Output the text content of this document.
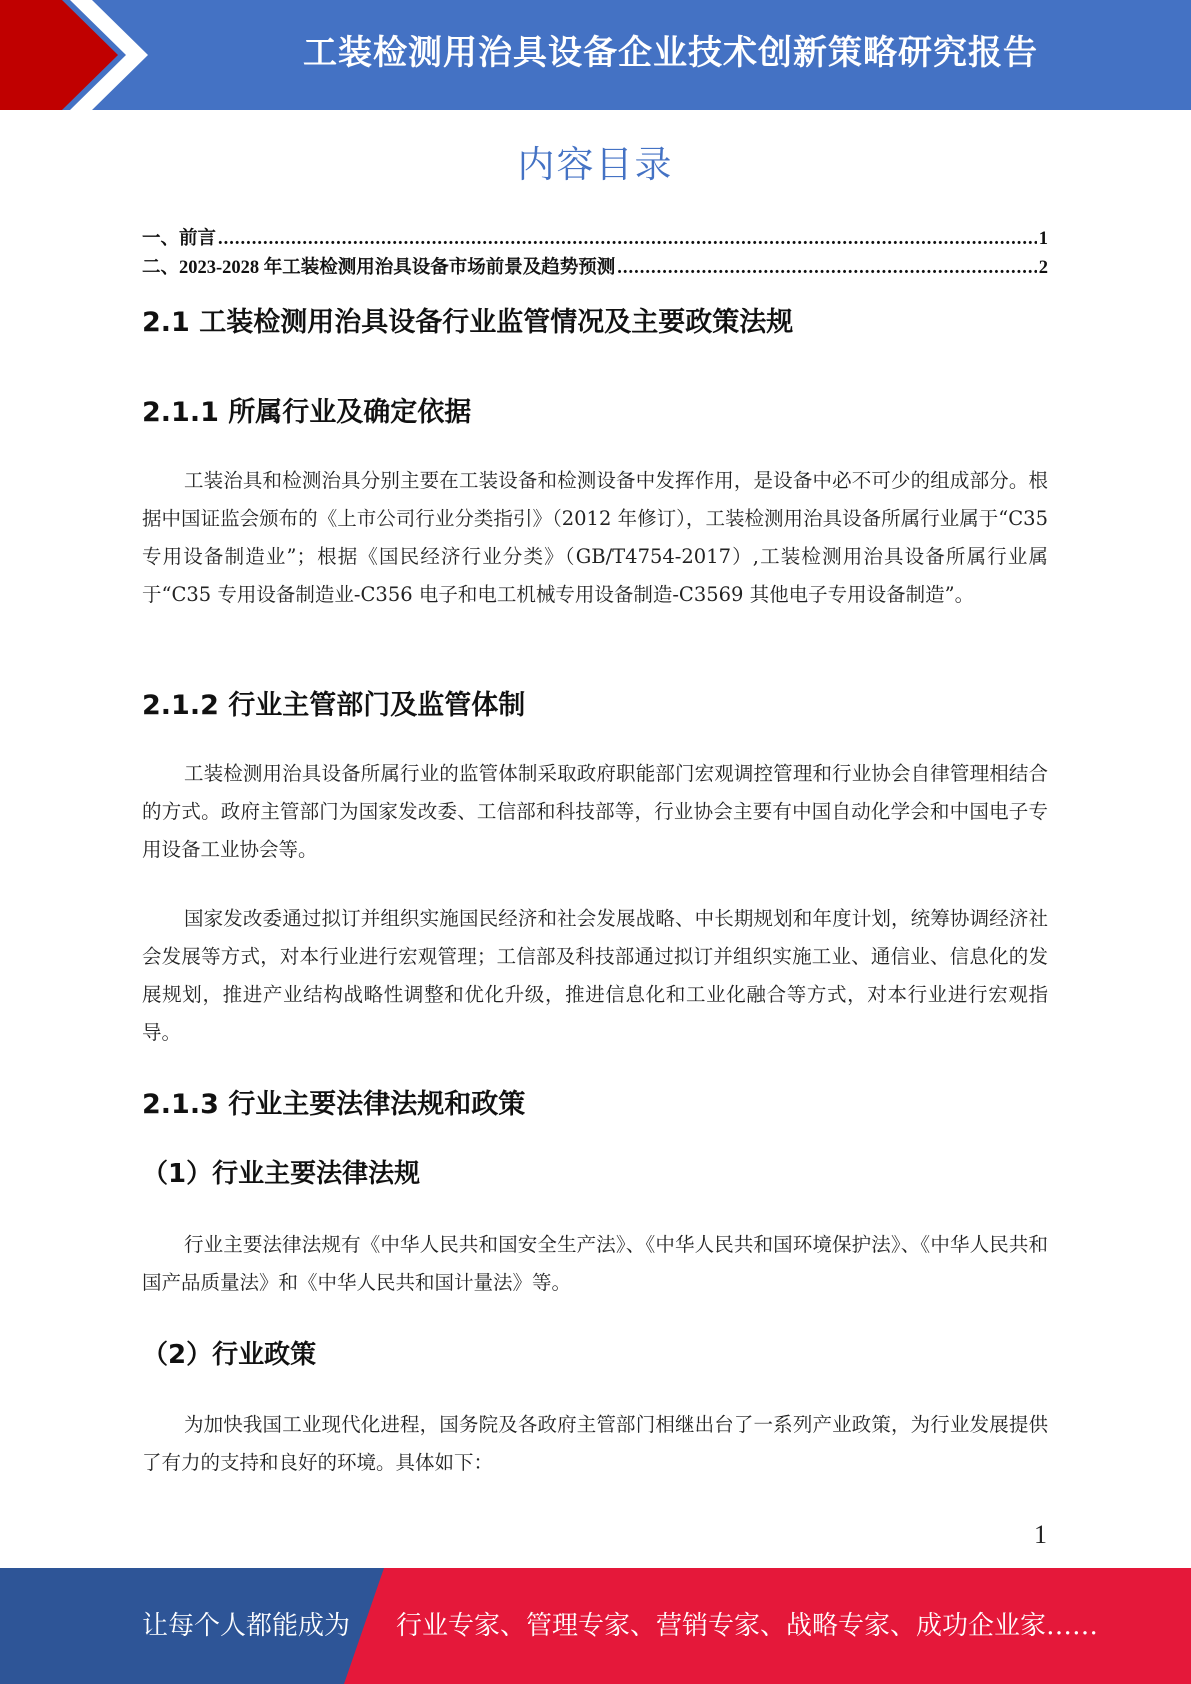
工装检测用治具设备企业技术创新策略研究报告
内容目录
一、前言 .....	1
二、2023-2028 年工装检测用治具设备市场前景及趋势预测 .....	2
2.1 工装检测用治具设备行业监管情况及主要政策法规
2.1.1 所属行业及确定依据
工装治具和检测治具分别主要在工装设备和检测设备中发挥作用，是设备中必不可少的组成部分。根据中国证监会颁布的《上市公司行业分类指引》（2012 年修订），工装检测用治具设备所属行业属于“C35 专用设备制造业”；根据《国民经济行业分类》（GB/T4754-2017）,工装检测用治具设备所属行业属于“C35 专用设备制造业-C356 电子和电工机械专用设备制造-C3569 其他电子专用设备制造”。
2.1.2 行业主管部门及监管体制
工装检测用治具设备所属行业的监管体制采取政府职能部门宏观调控管理和行业协会自律管理相结合的方式。政府主管部门为国家发改委、工信部和科技部等，行业协会主要有中国自动化学会和中国电子专用设备工业协会等。
国家发改委通过拟订并组织实施国民经济和社会发展战略、中长期规划和年度计划，统筹协调经济社会发展等方式，对本行业进行宏观管理；工信部及科技部通过拟订并组织实施工业、通信业、信息化的发展规划，推进产业结构战略性调整和优化升级，推进信息化和工业化融合等方式，对本行业进行宏观指导。
2.1.3 行业主要法律法规和政策
（1）行业主要法律法规
行业主要法律法规有《中华人民共和国安全生产法》、《中华人民共和国环境保护法》、《中华人民共和国产品质量法》和《中华人民共和国计量法》等。
（2）行业政策
为加快我国工业现代化进程，国务院及各政府主管部门相继出台了一系列产业政策，为行业发展提供了有力的支持和良好的环境。具体如下：
1
让每个人都能成为 行业专家、管理专家、营销专家、战略专家、成功企业家……
